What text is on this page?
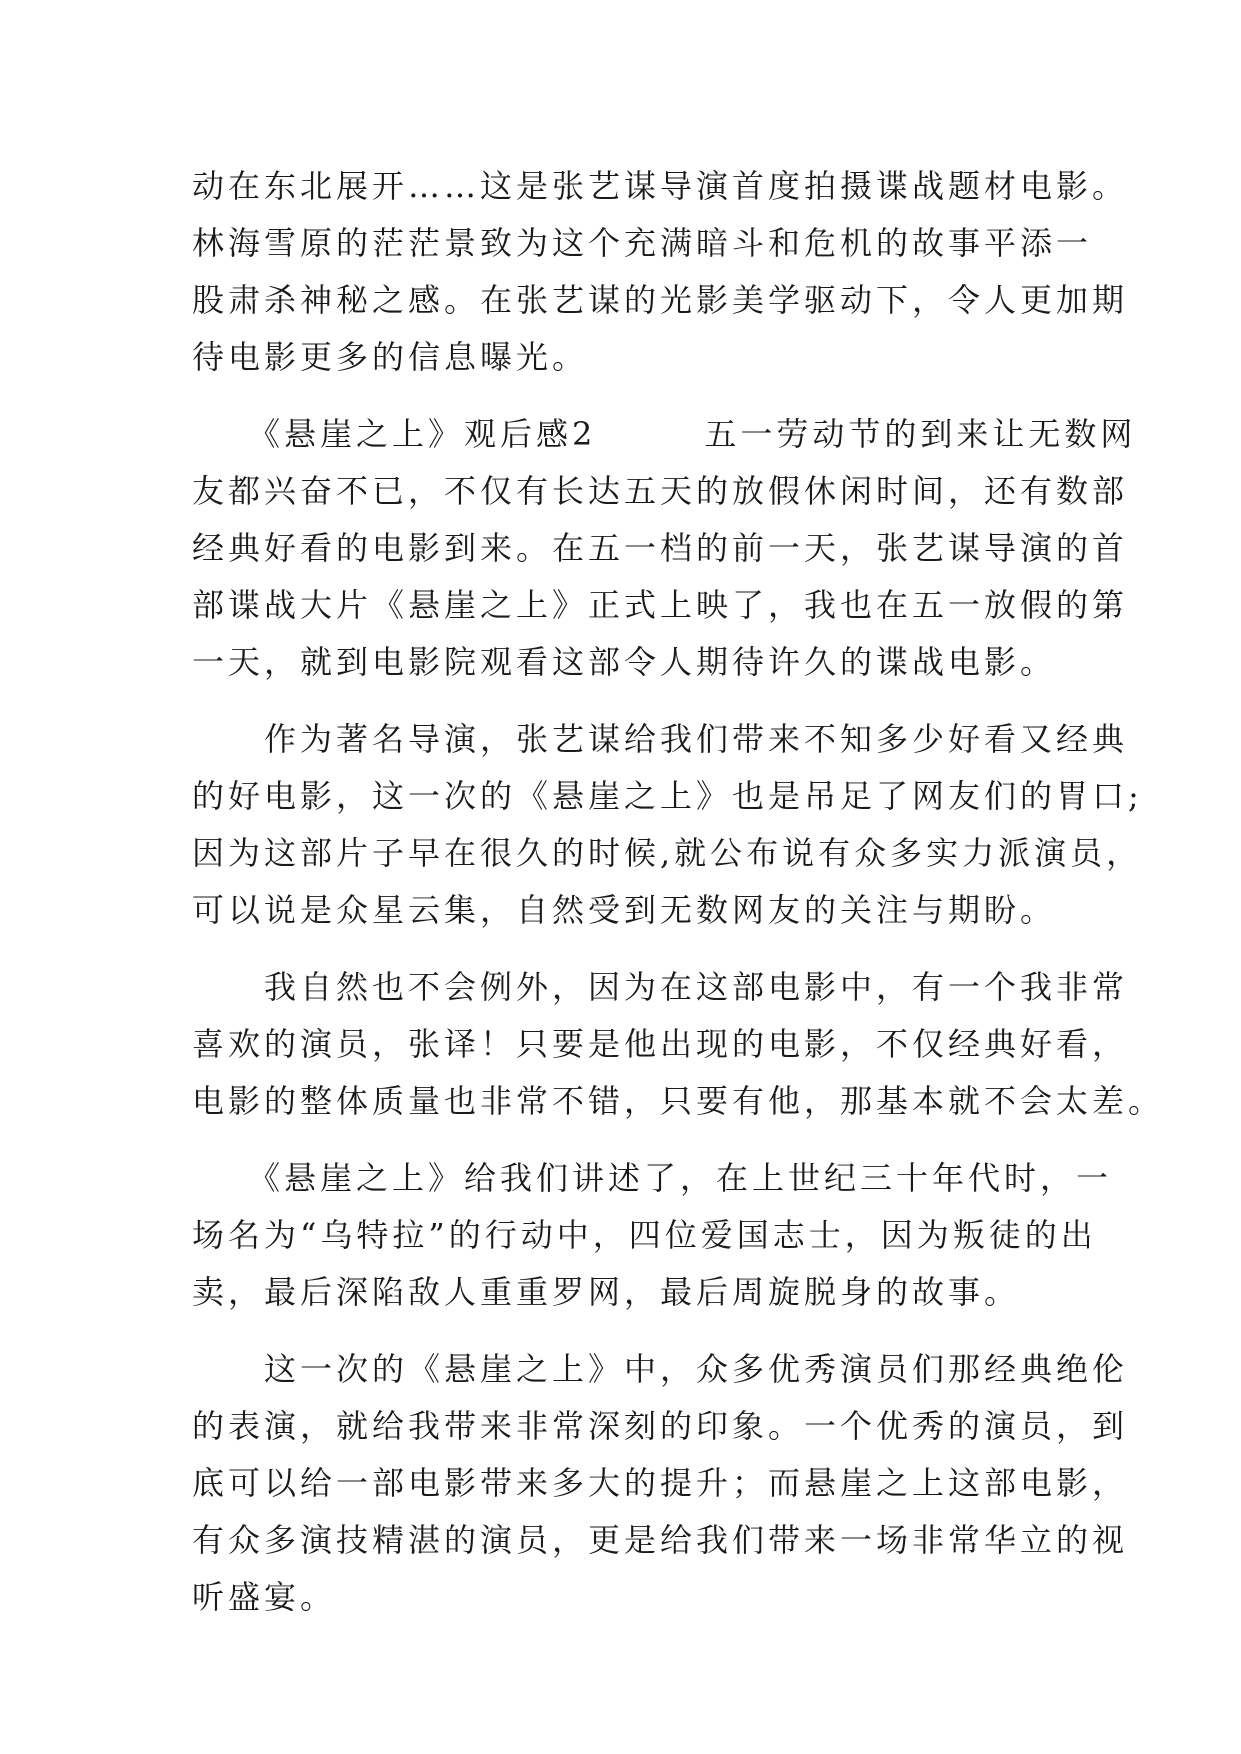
动在东北展开……这是张艺谋导演首度拍摄谍战题材电影。
林海雪原的茫茫景致为这个充满暗斗和危机的故事平添一
股肃杀神秘之感。在张艺谋的光影美学驱动下，令人更加期
待电影更多的信息曝光。
　　《悬崖之上》观后感2　　　五一劳动节的到来让无数网
友都兴奋不已，不仅有长达五天的放假休闲时间，还有数部
经典好看的电影到来。在五一档的前一天，张艺谋导演的首
部谍战大片《悬崖之上》正式上映了，我也在五一放假的第
一天，就到电影院观看这部令人期待许久的谍战电影。
　　作为著名导演，张艺谋给我们带来不知多少好看又经典
的好电影，这一次的《悬崖之上》也是吊足了网友们的胃口;
因为这部片子早在很久的时候,就公布说有众多实力派演员，
可以说是众星云集，自然受到无数网友的关注与期盼。
　　我自然也不会例外，因为在这部电影中，有一个我非常
喜欢的演员，张译！只要是他出现的电影，不仅经典好看，
电影的整体质量也非常不错，只要有他，那基本就不会太差。
　　《悬崖之上》给我们讲述了，在上世纪三十年代时，一
场名为“乌特拉”的行动中，四位爱国志士，因为叛徒的出
卖，最后深陷敌人重重罗网，最后周旋脱身的故事。
　　这一次的《悬崖之上》中，众多优秀演员们那经典绝伦
的表演，就给我带来非常深刻的印象。一个优秀的演员，到
底可以给一部电影带来多大的提升；而悬崖之上这部电影，
有众多演技精湛的演员，更是给我们带来一场非常华立的视
听盛宴。
